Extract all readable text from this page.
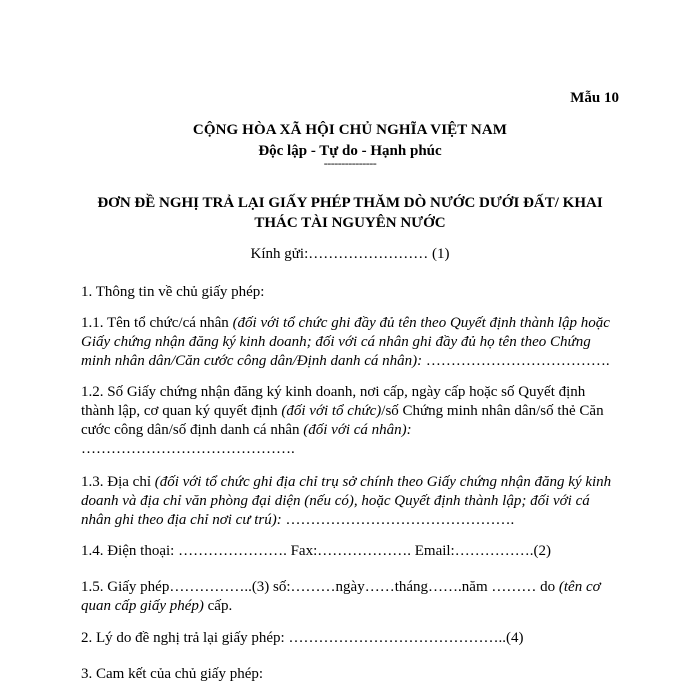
Mẫu 10
CỘNG HÒA XÃ HỘI CHỦ NGHĨA VIỆT NAM
Độc lập - Tự do - Hạnh phúc
---------------
ĐƠN ĐỀ NGHỊ TRẢ LẠI GIẤY PHÉP THĂM DÒ NƯỚC DƯỚI ĐẤT/ KHAI THÁC TÀI NGUYÊN NƯỚC
Kính gửi:…………………… (1)
1. Thông tin về chủ giấy phép:
1.1. Tên tổ chức/cá nhân (đối với tổ chức ghi đầy đủ tên theo Quyết định thành lập hoặc Giấy chứng nhận đăng ký kinh doanh; đối với cá nhân ghi đầy đủ họ tên theo Chứng minh nhân dân/Căn cước công dân/Định danh cá nhân): ……………………………….
1.2. Số Giấy chứng nhận đăng ký kinh doanh, nơi cấp, ngày cấp hoặc số Quyết định thành lập, cơ quan ký quyết định (đối với tổ chức)/số Chứng minh nhân dân/số thẻ Căn cước công dân/số định danh cá nhân (đối với cá nhân):
…………………………………….
1.3. Địa chỉ (đối với tổ chức ghi địa chỉ trụ sở chính theo Giấy chứng nhận đăng ký kinh doanh và địa chỉ văn phòng đại diện (nếu có), hoặc Quyết định thành lập; đối với cá nhân ghi theo địa chỉ nơi cư trú): ……………………………………….
1.4. Điện thoại: …………………. Fax:………………. Email:…………….(2)
1.5. Giấy phép……………..(3) số:………ngày……tháng…….năm ……… do (tên cơ quan cấp giấy phép) cấp.
2. Lý do đề nghị trả lại giấy phép: ……………………………………..(4)
3. Cam kết của chủ giấy phép:
